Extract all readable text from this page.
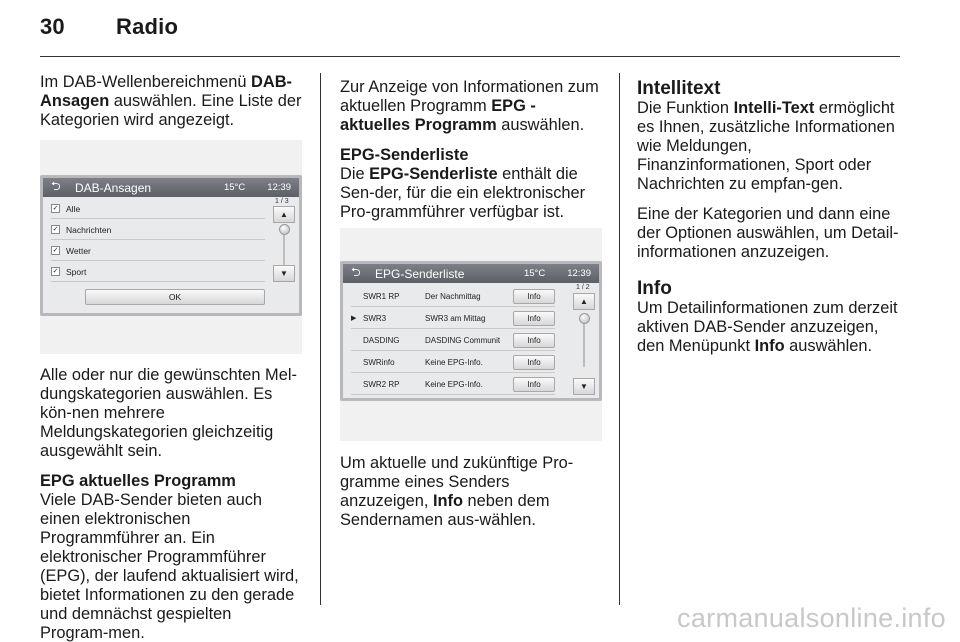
30 Radio

Im DAB-Wellenbereichmenü DAB-Ansagen auswählen. Eine Liste der Kategorien wird angezeigt.

⮌	DAB-Ansagen	15°C 12:39
✓ Alle
✓ Nachrichten
✓ Wetter
✓ Sport
OK
1 / 3
▲
▼

Alle oder nur die gewünschten Mel-dungskategorien auswählen. Es kön-nen mehrere Meldungskategorien gleichzeitig ausgewählt sein.

EPG aktuelles Programm
Viele DAB-Sender bieten auch einen elektronischen Programmführer an. Ein elektronischer Programmführer (EPG), der laufend aktualisiert wird, bietet Informationen zu den gerade und demnächst gespielten Program-men.

Zur Anzeige von Informationen zum aktuellen Programm EPG - aktuelles Programm auswählen.

EPG-Senderliste
Die EPG-Senderliste enthält die Sen-der, für die ein elektronischer Pro-grammführer verfügbar ist.

⮌	EPG-Senderliste	15°C 12:39
SWR1 RP	Der Nachmittag	Info
▶ SWR3	SWR3 am Mittag	Info
DASDING	DASDING Communit	Info
SWRinfo	Keine EPG-Info.	Info
SWR2 RP	Keine EPG-Info.	Info
1 / 2
▲
▼

Um aktuelle und zukünftige Pro-gramme eines Senders anzuzeigen, Info neben dem Sendernamen aus-wählen.

Intellitext

Die Funktion Intelli-Text ermöglicht es Ihnen, zusätzliche Informationen wie Meldungen, Finanzinformationen, Sport oder Nachrichten zu empfan-gen.

Eine der Kategorien und dann eine der Optionen auswählen, um Detail-informationen anzuzeigen.

Info

Um Detailinformationen zum derzeit aktiven DAB-Sender anzuzeigen, den Menüpunkt Info auswählen.

carmanualsonline.info
